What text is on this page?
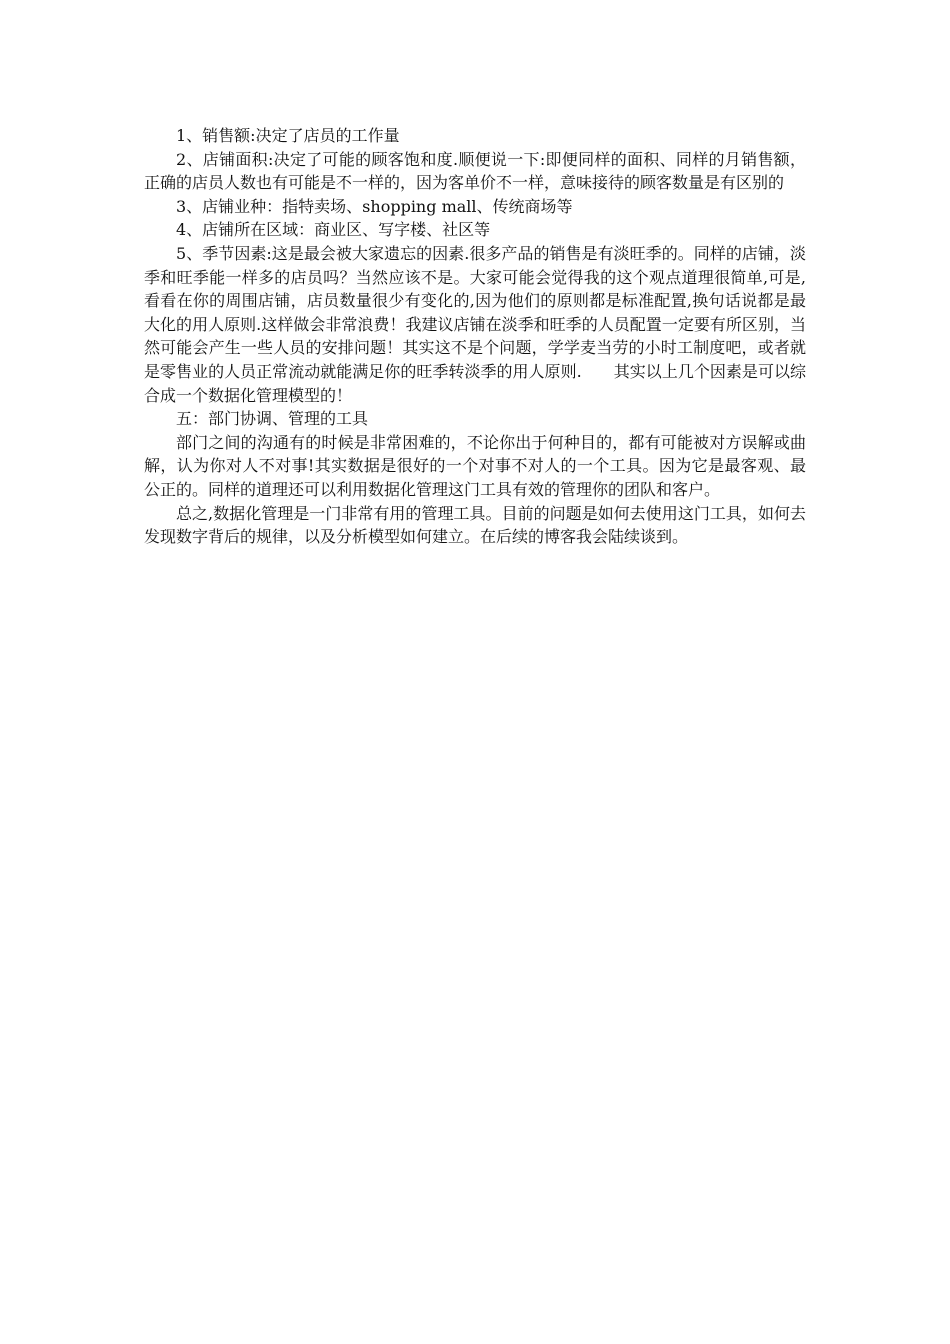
1、销售额:决定了店员的工作量

2、店铺面积:决定了可能的顾客饱和度.顺便说一下:即便同样的面积、同样的月销售额，正确的店员人数也有可能是不一样的，因为客单价不一样，意味接待的顾客数量是有区别的

3、店铺业种：指特卖场、shopping mall、传统商场等

4、店铺所在区域：商业区、写字楼、社区等

5、季节因素:这是最会被大家遗忘的因素.很多产品的销售是有淡旺季的。同样的店铺，淡季和旺季能一样多的店员吗？当然应该不是。大家可能会觉得我的这个观点道理很简单,可是,看看在你的周围店铺，店员数量很少有变化的,因为他们的原则都是标准配置,换句话说都是最大化的用人原则.这样做会非常浪费！我建议店铺在淡季和旺季的人员配置一定要有所区别，当然可能会产生一些人员的安排问题！其实这不是个问题，学学麦当劳的小时工制度吧，或者就是零售业的人员正常流动就能满足你的旺季转淡季的用人原则.　　其实以上几个因素是可以综合成一个数据化管理模型的！

五：部门协调、管理的工具

部门之间的沟通有的时候是非常困难的，不论你出于何种目的，都有可能被对方误解或曲解，认为你对人不对事!其实数据是很好的一个对事不对人的一个工具。因为它是最客观、最公正的。同样的道理还可以利用数据化管理这门工具有效的管理你的团队和客户。

总之,数据化管理是一门非常有用的管理工具。目前的问题是如何去使用这门工具，如何去发现数字背后的规律，以及分析模型如何建立。在后续的博客我会陆续谈到。
